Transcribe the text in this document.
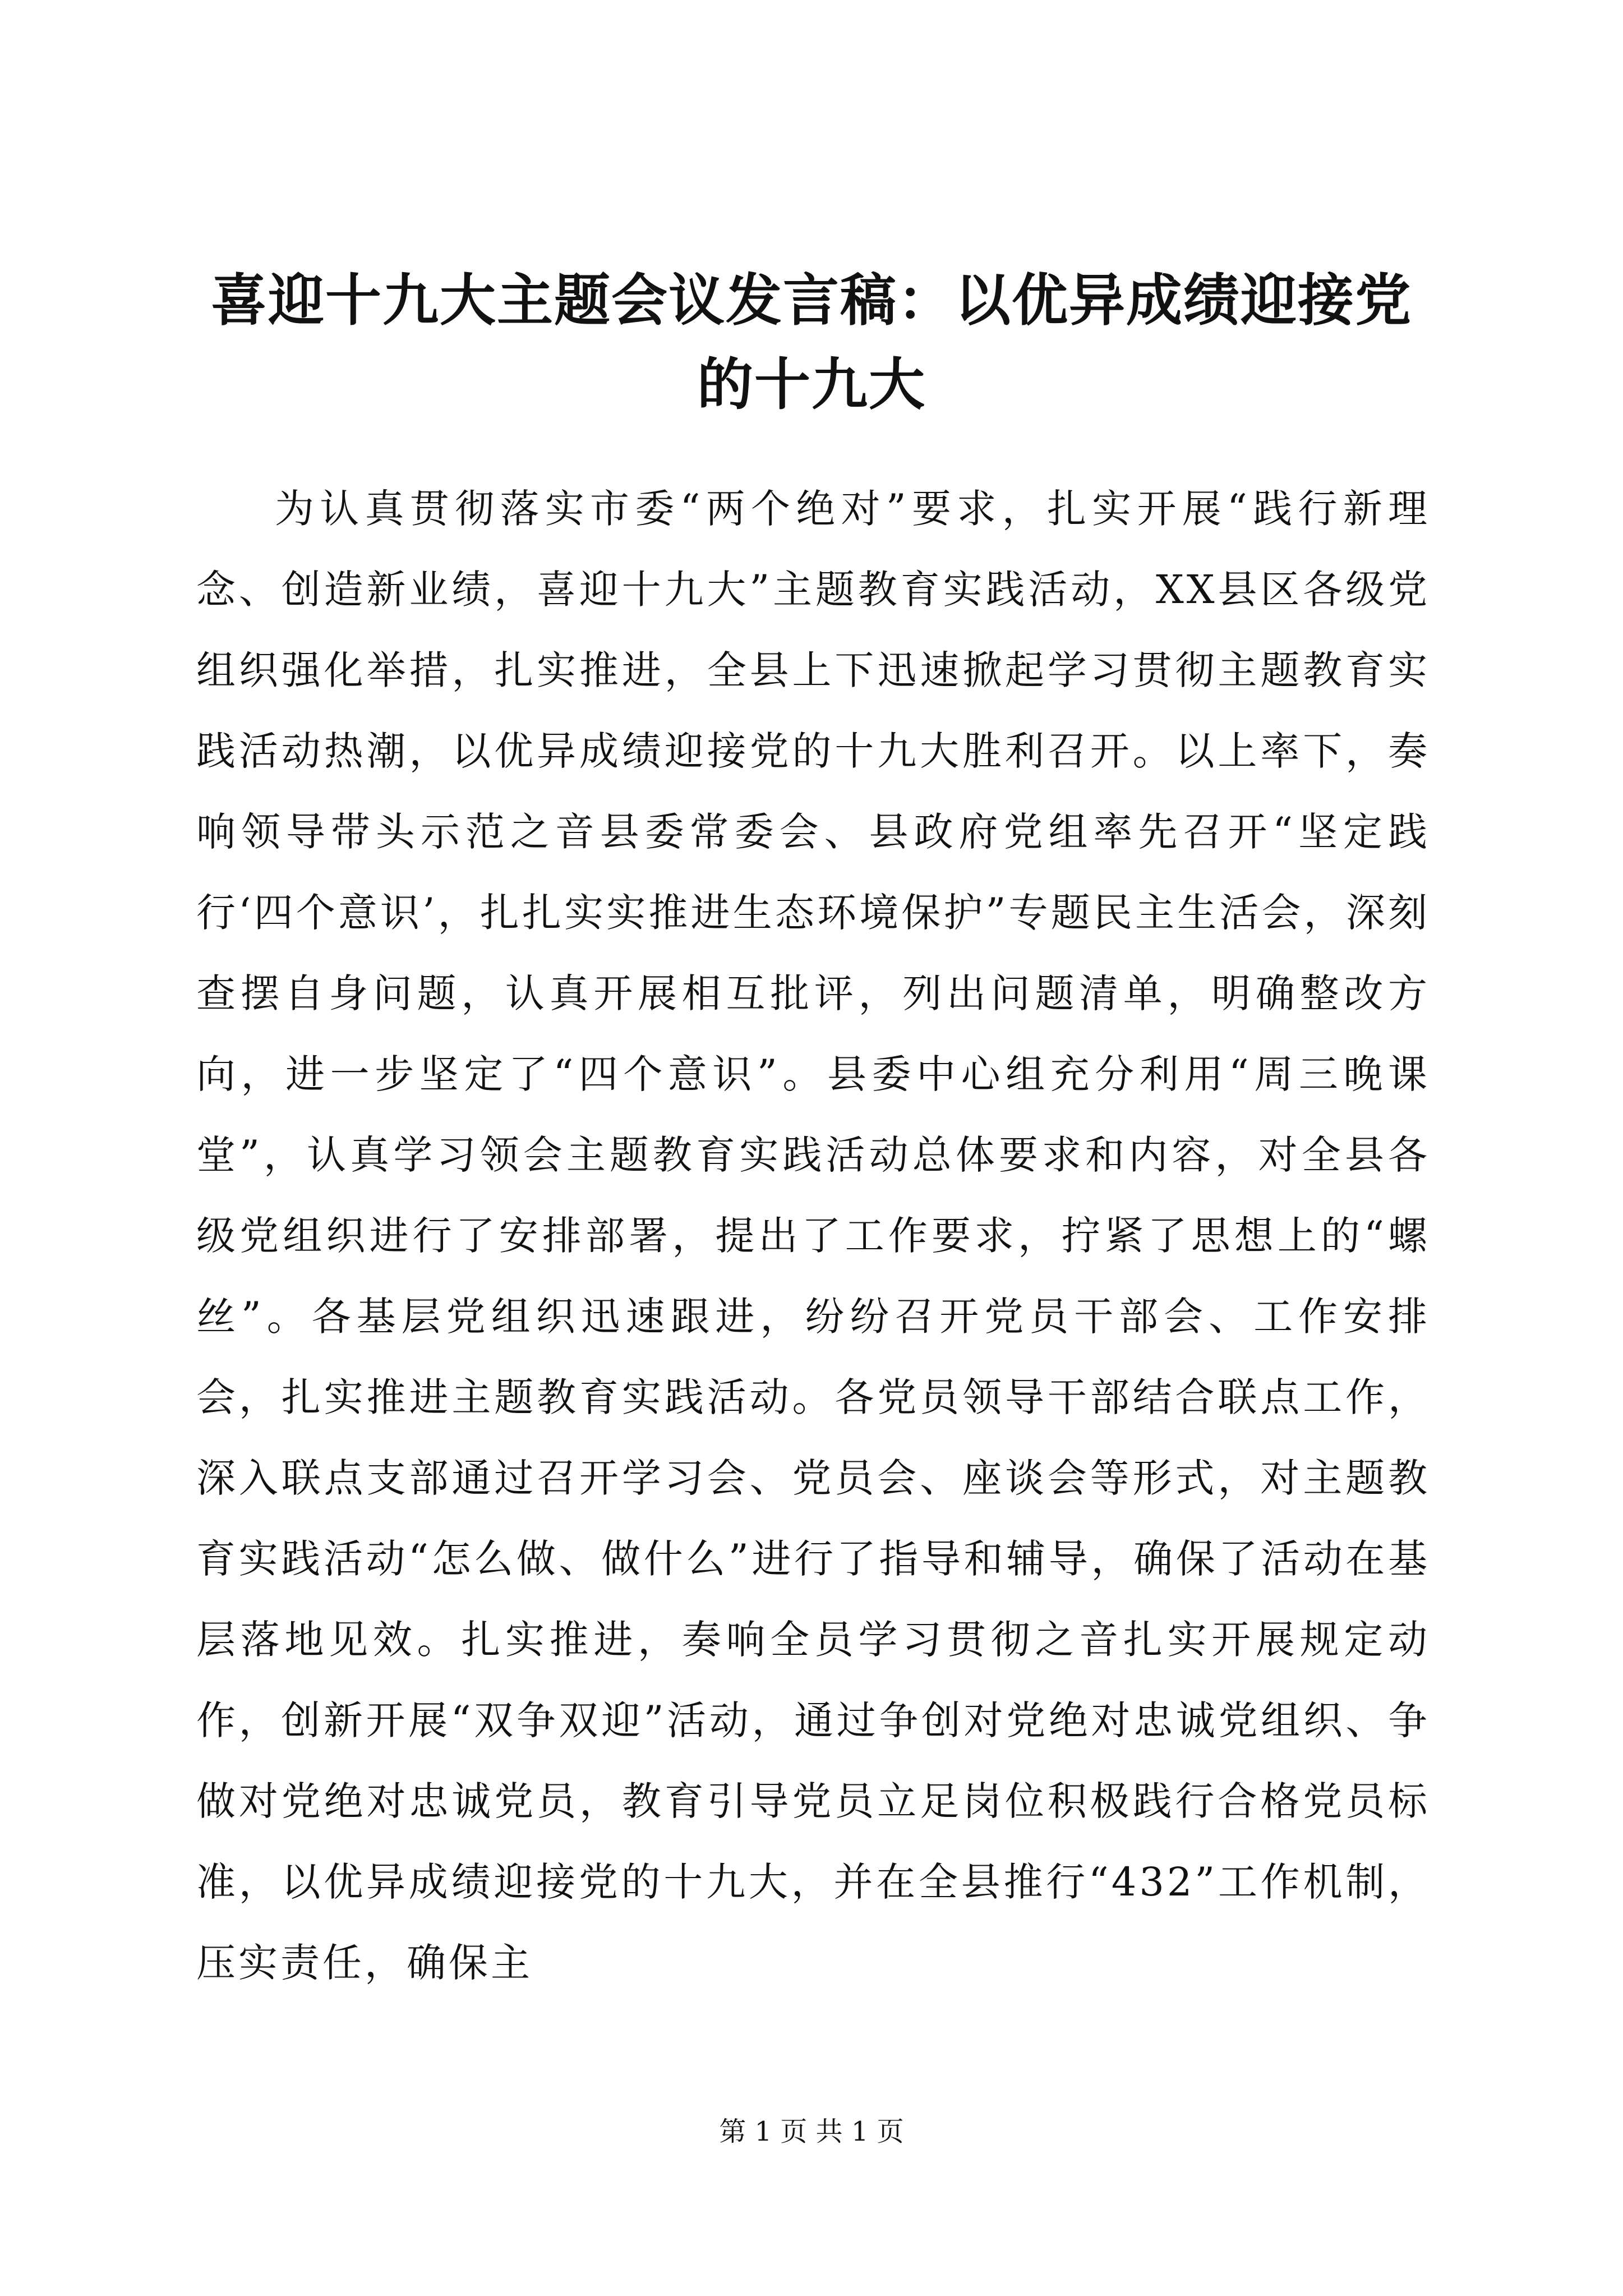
喜迎十九大主题会议发言稿：以优异成绩迎接党的十九大

为认真贯彻落实市委“两个绝对”要求，扎实开展“践行新理念、创造新业绩，喜迎十九大”主题教育实践活动，XX县区各级党组织强化举措，扎实推进，全县上下迅速掀起学习贯彻主题教育实践活动热潮，以优异成绩迎接党的十九大胜利召开。以上率下，奏响领导带头示范之音县委常委会、县政府党组率先召开“坚定践行‘四个意识’，扎扎实实推进生态环境保护”专题民主生活会，深刻查摆自身问题，认真开展相互批评，列出问题清单，明确整改方向，进一步坚定了“四个意识”。县委中心组充分利用“周三晚课堂”，认真学习领会主题教育实践活动总体要求和内容，对全县各级党组织进行了安排部署，提出了工作要求，拧紧了思想上的“螺丝”。各基层党组织迅速跟进，纷纷召开党员干部会、工作安排会，扎实推进主题教育实践活动。各党员领导干部结合联点工作，深入联点支部通过召开学习会、党员会、座谈会等形式，对主题教育实践活动“怎么做、做什么”进行了指导和辅导，确保了活动在基层落地见效。扎实推进，奏响全员学习贯彻之音扎实开展规定动作，创新开展“双争双迎”活动，通过争创对党绝对忠诚党组织、争做对党绝对忠诚党员，教育引导党员立足岗位积极践行合格党员标准，以优异成绩迎接党的十九大，并在全县推行“432”工作机制，压实责任，确保主

第 1 页 共 1 页
